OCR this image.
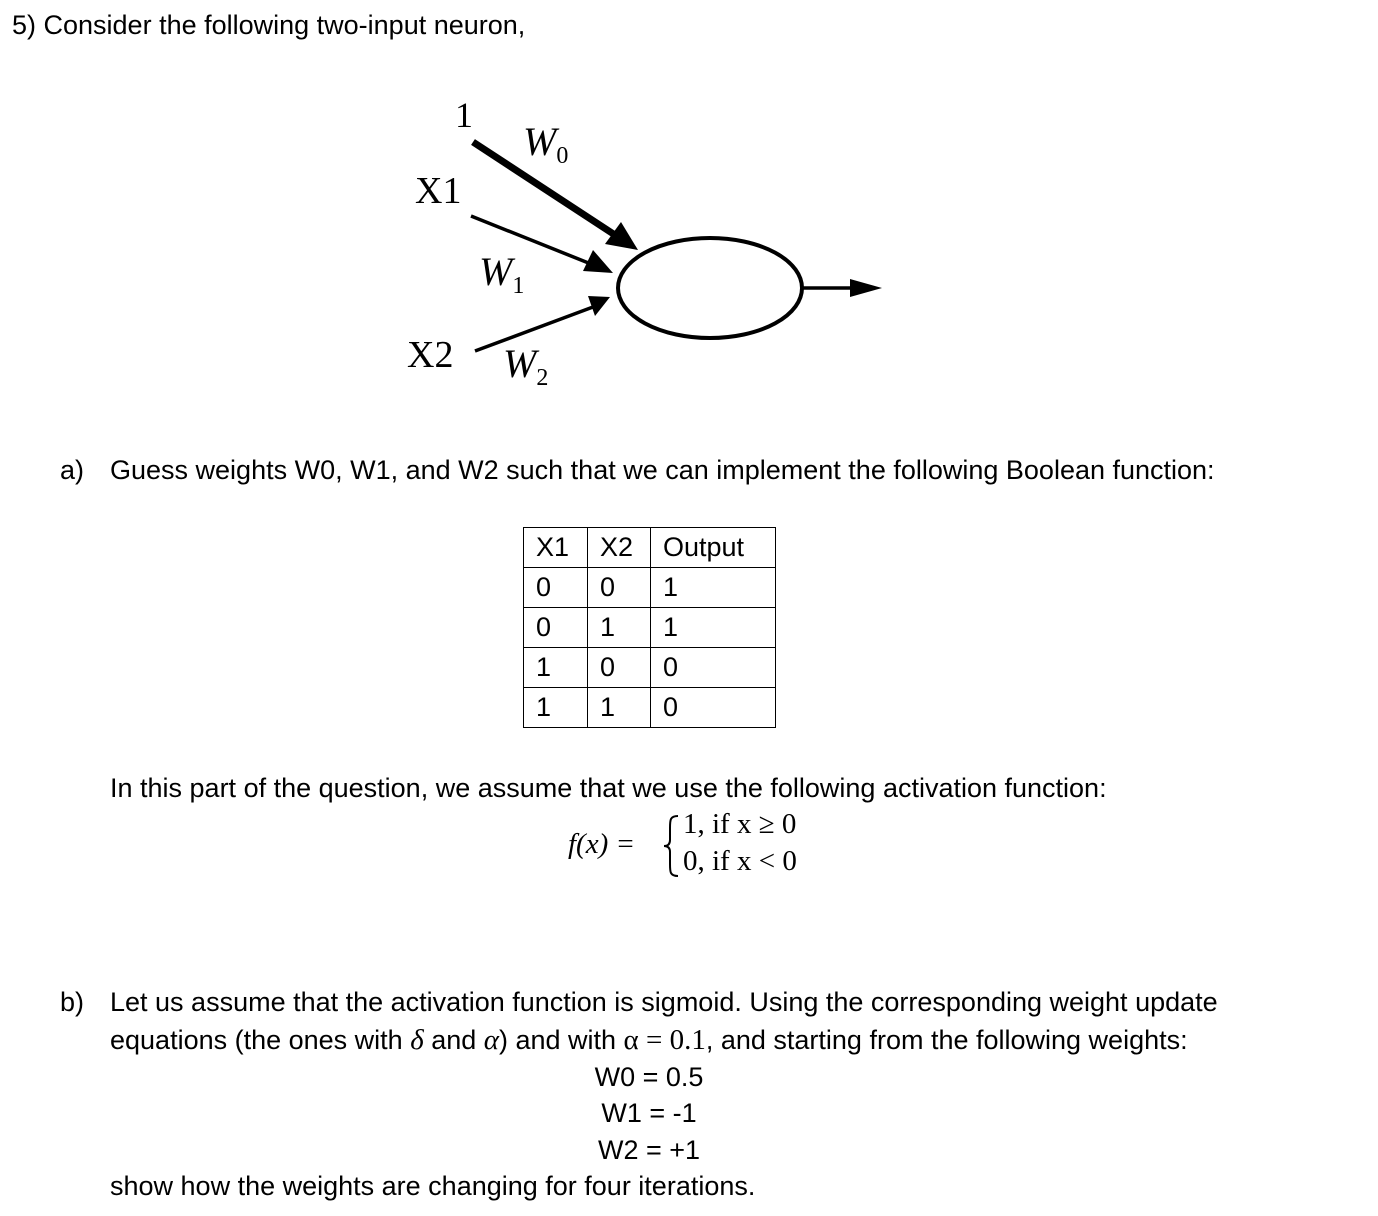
5) Consider the following two-input neuron,
1
X1
X2
$W_0$
$W_1$
$W_2$
a) Guess weights W0, W1, and W2 such that we can implement the following Boolean function:
X1	X2	Output
0	0	1
0	1	1
1	0	0
1	1	0
In this part of the question, we assume that we use the following activation function:
f(x) =
1, if x ≥ 0
0, if x < 0
b) Let us assume that the activation function is sigmoid. Using the corresponding weight update
equations (the ones with δ and α) and with α = 0.1, and starting from the following weights:
W0 = 0.5
W1 = -1
W2 = +1
show how the weights are changing for four iterations.
